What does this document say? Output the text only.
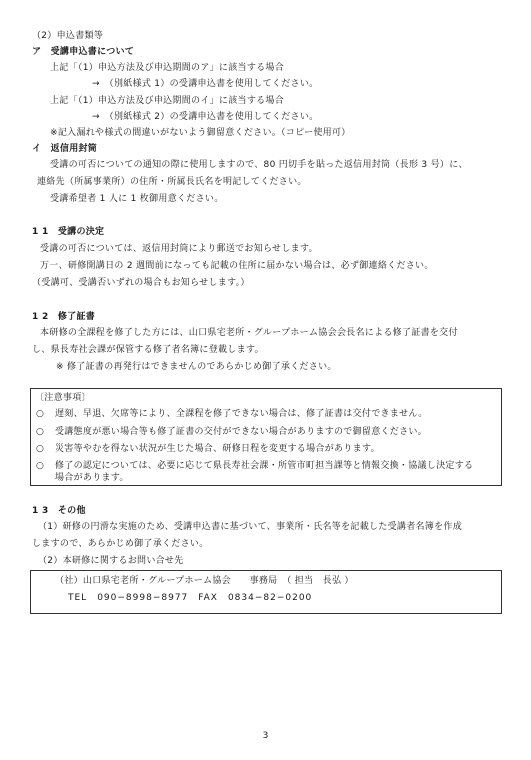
（2）申込書類等
ア　受講申込書について
上記「（1）申込方法及び申込期間のア」に該当する場合
→　（別紙様式 1）の受講申込書を使用してください。
上記「（1）申込方法及び申込期間のイ」に該当する場合
→　（別紙様式 2）の受講申込書を使用してください。
※記入漏れや様式の間違いがないよう御留意ください。（コピー使用可）
イ　返信用封筒
受講の可否についての通知の際に使用しますので、80 円切手を貼った返信用封筒（長形 3 号）に、
連絡先（所属事業所）の住所・所属長氏名を明記してください。
受講希望者 1 人に 1 枚御用意ください。
1 1　受講の決定
受講の可否については、返信用封筒により郵送でお知らせします。
万一、研修開講日の 2 週間前になっても記載の住所に届かない場合は、必ず御連絡ください。
（受講可、受講否いずれの場合もお知らせします。）
1 2　修了証書
本研修の全課程を修了した方には、山口県宅老所・グループホーム協会会長名による修了証書を交付
し、県長寿社会課が保管する修了者名簿に登載します。
※ 修了証書の再発行はできませんのであらかじめ御了承ください。
〔注意事項〕
○ 遅刻、早退、欠席等により、全課程を修了できない場合は、修了証書は交付できません。
○ 受講態度が悪い場合等も修了証書の交付ができない場合がありますので御留意ください。
○ 災害等やむを得ない状況が生じた場合、研修日程を変更する場合があります。
○ 修了の認定については、必要に応じて県長寿社会課・所管市町担当課等と情報交換・協議し決定する
場合があります。
1 3　その他
（1）研修の円滑な実施のため、受講申込書に基づいて、事業所・氏名等を記載した受講者名簿を作成
しますので、あらかじめ御了承ください。
（2）本研修に関するお問い合せ先
（社）山口県宅老所・グループホーム協会　　事務局　（ 担当　長弘 ）
TEL　090−8998−8977　FAX　0834−82−0200
3
